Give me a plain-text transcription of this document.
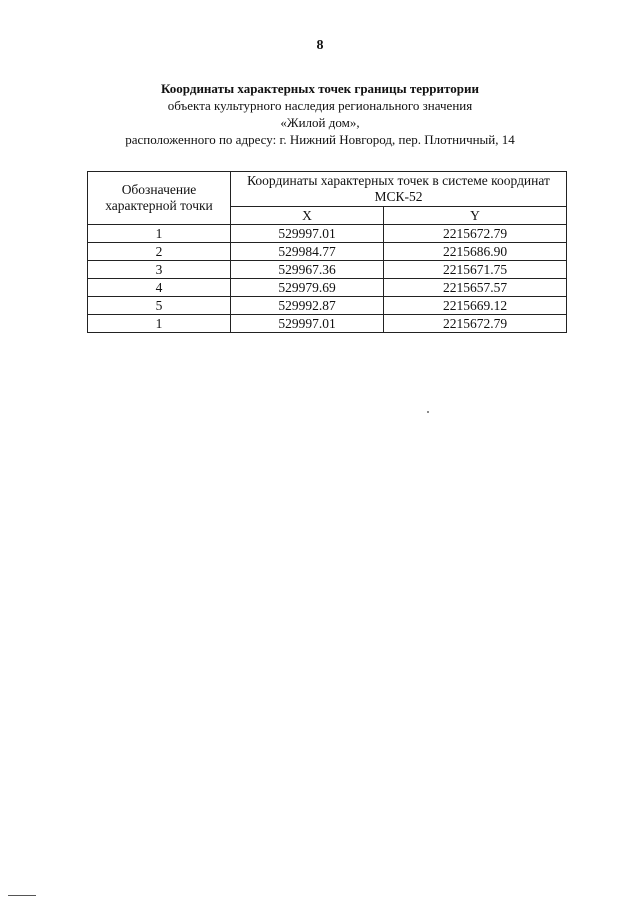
8
Координаты характерных точек границы территории
объекта культурного наследия регионального значения
«Жилой дом»,
расположенного по адресу: г. Нижний Новгород, пер. Плотничный, 14
Обозначение характерной точки	Координаты характерных точек в системе координат МСК-52	
	X	Y
1	529997.01	2215672.79
2	529984.77	2215686.90
3	529967.36	2215671.75
4	529979.69	2215657.57
5	529992.87	2215669.12
1	529997.01	2215672.79
